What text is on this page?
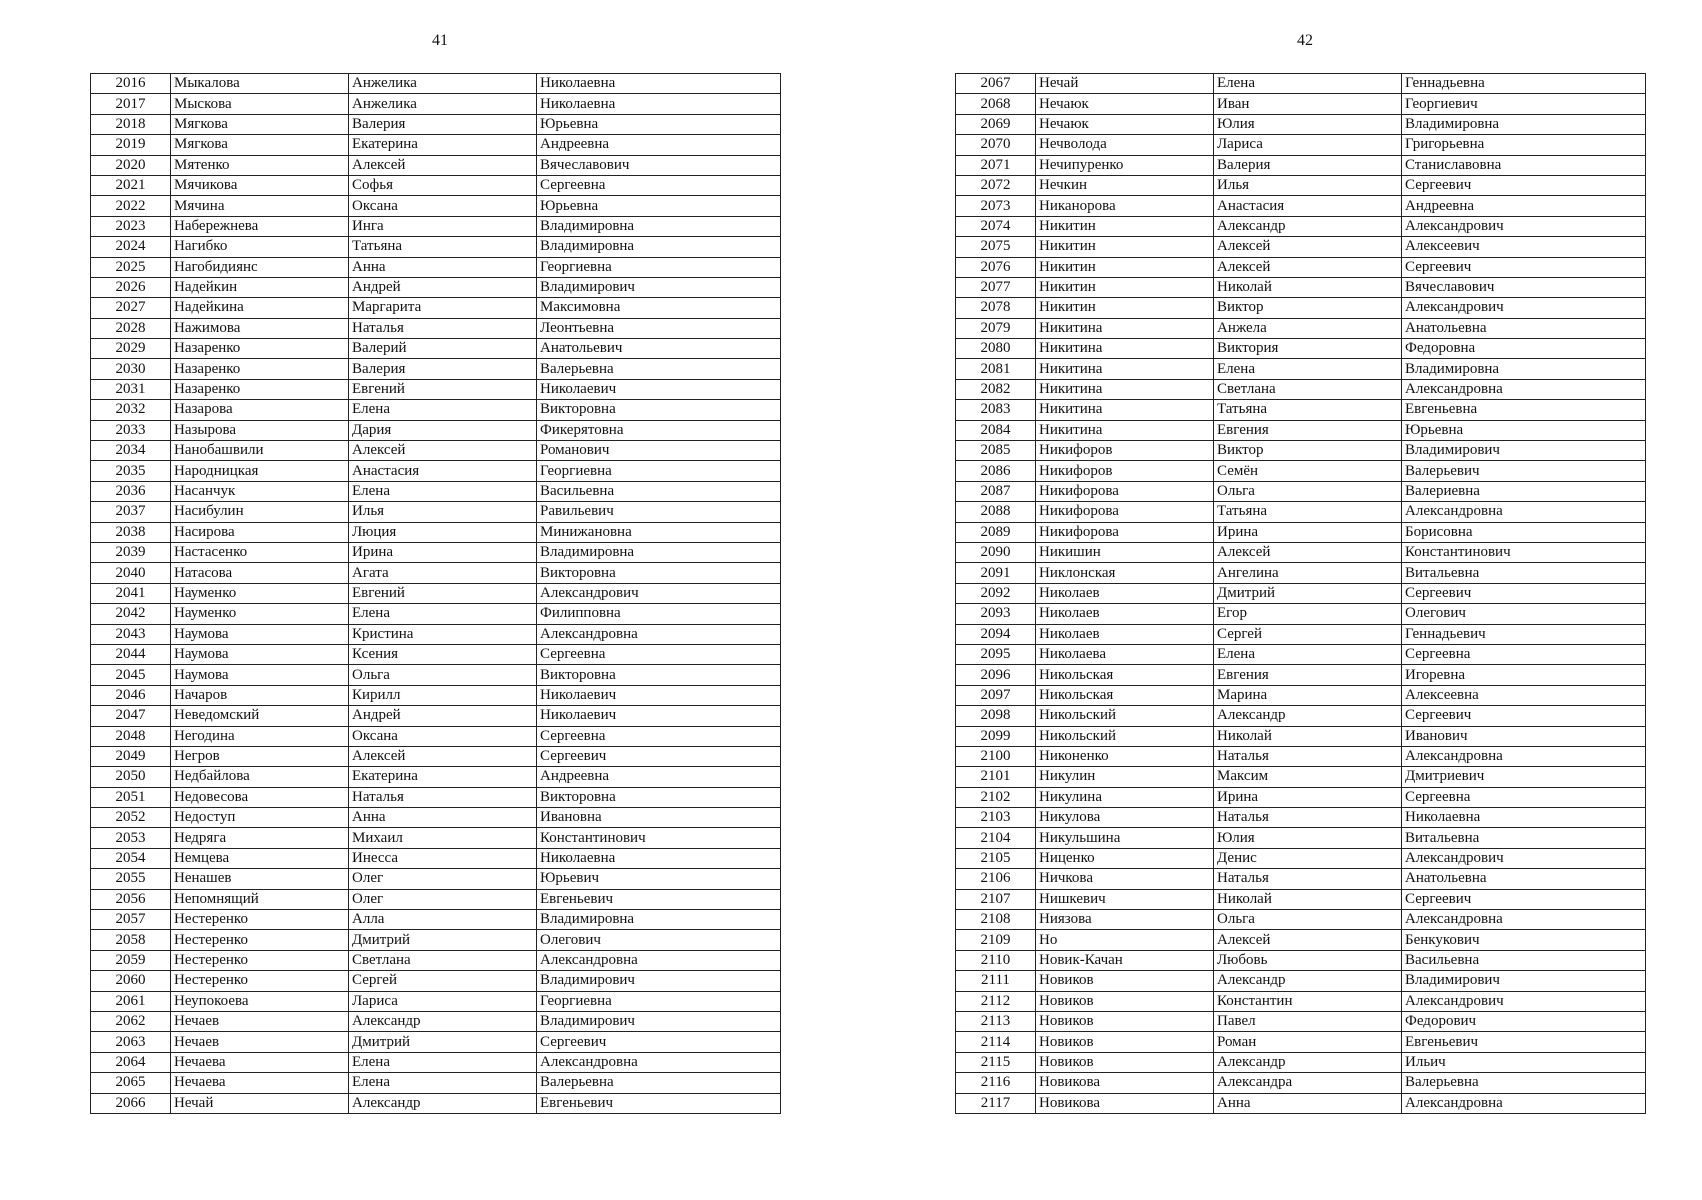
41
2016	Мыкалова	Анжелика	Николаевна
2017	Мыскова	Анжелика	Николаевна
2018	Мягкова	Валерия	Юрьевна
2019	Мягкова	Екатерина	Андреевна
2020	Мятенко	Алексей	Вячеславович
2021	Мячикова	Софья	Сергеевна
2022	Мячина	Оксана	Юрьевна
2023	Набережнева	Инга	Владимировна
2024	Нагибко	Татьяна	Владимировна
2025	Нагобидиянс	Анна	Георгиевна
2026	Надейкин	Андрей	Владимирович
2027	Надейкина	Маргарита	Максимовна
2028	Нажимова	Наталья	Леонтьевна
2029	Назаренко	Валерий	Анатольевич
2030	Назаренко	Валерия	Валерьевна
2031	Назаренко	Евгений	Николаевич
2032	Назарова	Елена	Викторовна
2033	Назырова	Дария	Фикерятовна
2034	Нанобашвили	Алексей	Романович
2035	Народницкая	Анастасия	Георгиевна
2036	Насанчук	Елена	Васильевна
2037	Насибулин	Илья	Равильевич
2038	Насирова	Люция	Минижановна
2039	Настасенко	Ирина	Владимировна
2040	Натасова	Агата	Викторовна
2041	Науменко	Евгений	Александрович
2042	Науменко	Елена	Филипповна
2043	Наумова	Кристина	Александровна
2044	Наумова	Ксения	Сергеевна
2045	Наумова	Ольга	Викторовна
2046	Начаров	Кирилл	Николаевич
2047	Неведомский	Андрей	Николаевич
2048	Негодина	Оксана	Сергеевна
2049	Негров	Алексей	Сергеевич
2050	Недбайлова	Екатерина	Андреевна
2051	Недовесова	Наталья	Викторовна
2052	Недоступ	Анна	Ивановна
2053	Недряга	Михаил	Константинович
2054	Немцева	Инесса	Николаевна
2055	Ненашев	Олег	Юрьевич
2056	Непомнящий	Олег	Евгеньевич
2057	Нестеренко	Алла	Владимировна
2058	Нестеренко	Дмитрий	Олегович
2059	Нестеренко	Светлана	Александровна
2060	Нестеренко	Сергей	Владимирович
2061	Неупокоева	Лариса	Георгиевна
2062	Нечаев	Александр	Владимирович
2063	Нечаев	Дмитрий	Сергеевич
2064	Нечаева	Елена	Александровна
2065	Нечаева	Елена	Валерьевна
2066	Нечай	Александр	Евгеньевич
42
2067	Нечай	Елена	Геннадьевна
2068	Нечаюк	Иван	Георгиевич
2069	Нечаюк	Юлия	Владимировна
2070	Нечволода	Лариса	Григорьевна
2071	Нечипуренко	Валерия	Станиславовна
2072	Нечкин	Илья	Сергеевич
2073	Никанорова	Анастасия	Андреевна
2074	Никитин	Александр	Александрович
2075	Никитин	Алексей	Алексеевич
2076	Никитин	Алексей	Сергеевич
2077	Никитин	Николай	Вячеславович
2078	Никитин	Виктор	Александрович
2079	Никитина	Анжела	Анатольевна
2080	Никитина	Виктория	Федоровна
2081	Никитина	Елена	Владимировна
2082	Никитина	Светлана	Александровна
2083	Никитина	Татьяна	Евгеньевна
2084	Никитина	Евгения	Юрьевна
2085	Никифоров	Виктор	Владимирович
2086	Никифоров	Семён	Валерьевич
2087	Никифорова	Ольга	Валериевна
2088	Никифорова	Татьяна	Александровна
2089	Никифорова	Ирина	Борисовна
2090	Никишин	Алексей	Константинович
2091	Никлонская	Ангелина	Витальевна
2092	Николаев	Дмитрий	Сергеевич
2093	Николаев	Егор	Олегович
2094	Николаев	Сергей	Геннадьевич
2095	Николаева	Елена	Сергеевна
2096	Никольская	Евгения	Игоревна
2097	Никольская	Марина	Алексеевна
2098	Никольский	Александр	Сергеевич
2099	Никольский	Николай	Иванович
2100	Никоненко	Наталья	Александровна
2101	Никулин	Максим	Дмитриевич
2102	Никулина	Ирина	Сергеевна
2103	Никулова	Наталья	Николаевна
2104	Никульшина	Юлия	Витальевна
2105	Ниценко	Денис	Александрович
2106	Ничкова	Наталья	Анатольевна
2107	Нишкевич	Николай	Сергеевич
2108	Ниязова	Ольга	Александровна
2109	Но	Алексей	Бенкукович
2110	Новик-Качан	Любовь	Васильевна
2111	Новиков	Александр	Владимирович
2112	Новиков	Константин	Александрович
2113	Новиков	Павел	Федорович
2114	Новиков	Роман	Евгеньевич
2115	Новиков	Александр	Ильич
2116	Новикова	Александра	Валерьевна
2117	Новикова	Анна	Александровна
